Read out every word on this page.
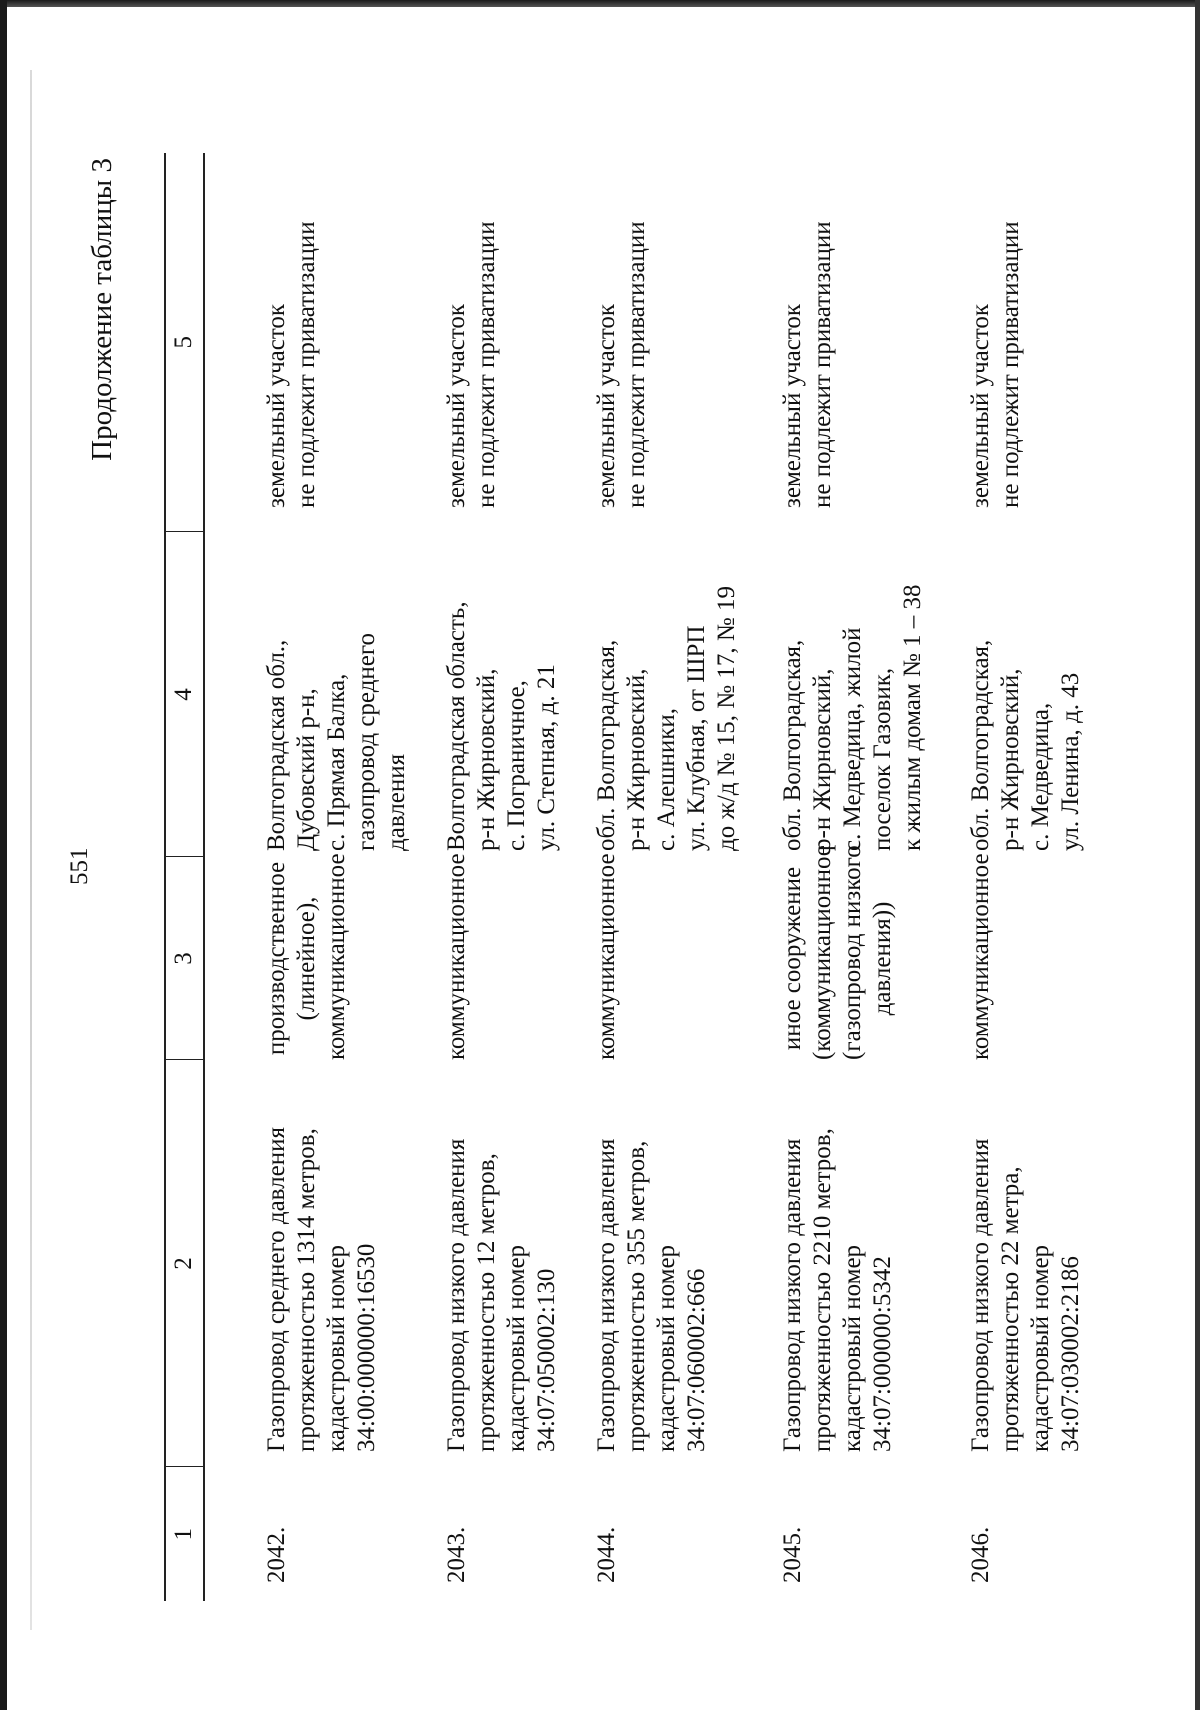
551
Продолжение таблицы 3
1	2	3	4	5
2042.	Газопровод среднего давления протяженностью 1314 метров, кадастровый номер 34:00:000000:16530	производственное (линейное), коммуникационное	Волгоградская обл., Дубовский р-н, с. Прямая Балка, газопровод среднего давления	земельный участок не подлежит приватизации

2043.	Газопровод низкого давления протяженностью 12 метров, кадастровый номер 34:07:050002:130	коммуникационное	Волгоградская область, р-н Жирновский, с. Пограничное, ул. Степная, д. 21	земельный участок не подлежит приватизации

2044.	Газопровод низкого давления протяженностью 355 метров, кадастровый номер 34:07:060002:666	коммуникационное	обл. Волгоградская, р-н Жирновский, с. Алешники, ул. Клубная, от ШРП до ж/д № 15, № 17, № 19	земельный участок не подлежит приватизации

2045.	Газопровод низкого давления протяженностью 2210 метров, кадастровый номер 34:07:000000:5342	иное сооружение (коммуникационное (газопровод низкого давления))	обл. Волгоградская, р-н Жирновский, с. Медведица, жилой поселок Газовик, к жилым домам № 1 – 38	земельный участок не подлежит приватизации

2046.	Газопровод низкого давления протяженностью 22 метра, кадастровый номер 34:07:030002:2186	коммуникационное	обл. Волгоградская, р-н Жирновский, с. Медведица, ул. Ленина, д. 43	земельный участок не подлежит приватизации
